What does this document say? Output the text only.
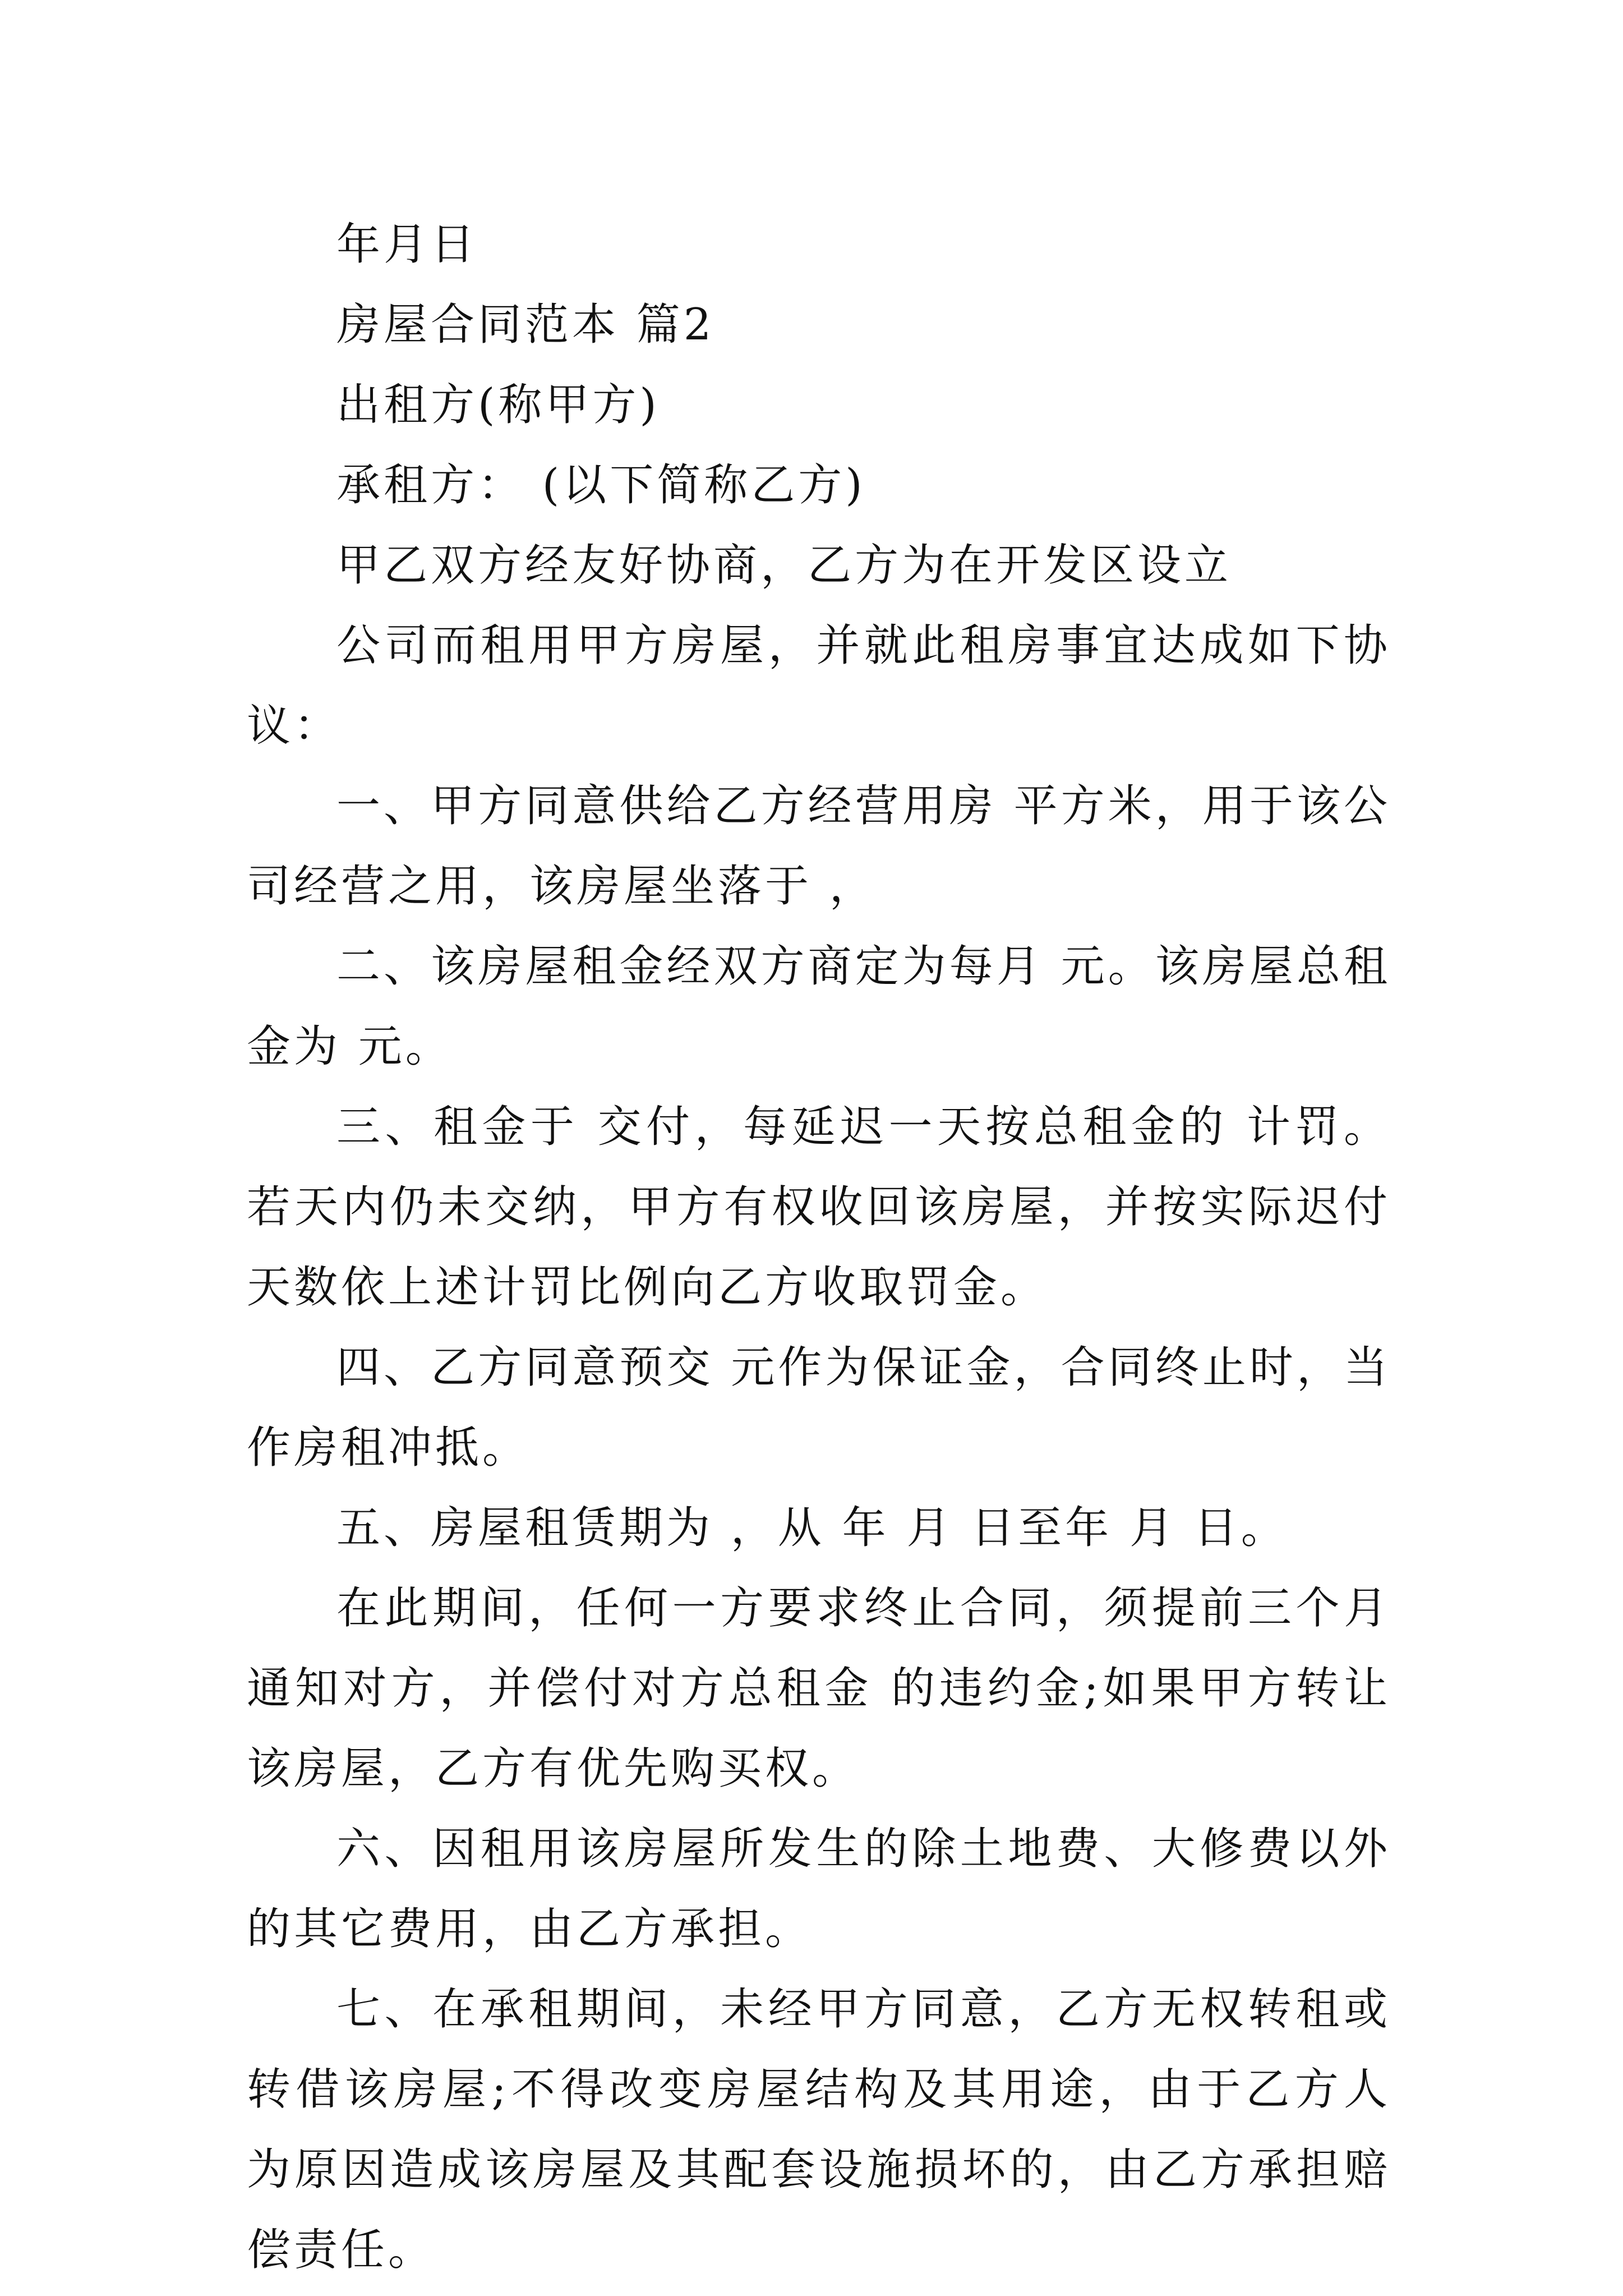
年月日

房屋合同范本 篇2

出租方(称甲方)

承租方： (以下简称乙方)

甲乙双方经友好协商，乙方为在开发区设立

公司而租用甲方房屋，并就此租房事宜达成如下协议：

一、甲方同意供给乙方经营用房 平方米，用于该公司经营之用，该房屋坐落于 ，

二、该房屋租金经双方商定为每月 元。该房屋总租金为 元。

三、租金于 交付，每延迟一天按总租金的 计罚。若天内仍未交纳，甲方有权收回该房屋，并按实际迟付天数依上述计罚比例向乙方收取罚金。

四、乙方同意预交 元作为保证金，合同终止时，当作房租冲抵。

五、房屋租赁期为 ，从 年 月 日至年 月 日。

在此期间，任何一方要求终止合同，须提前三个月通知对方，并偿付对方总租金 的违约金;如果甲方转让该房屋，乙方有优先购买权。

六、因租用该房屋所发生的除土地费、大修费以外的其它费用，由乙方承担。

七、在承租期间，未经甲方同意，乙方无权转租或转借该房屋;不得改变房屋结构及其用途，由于乙方人为原因造成该房屋及其配套设施损坏的，由乙方承担赔偿责任。
